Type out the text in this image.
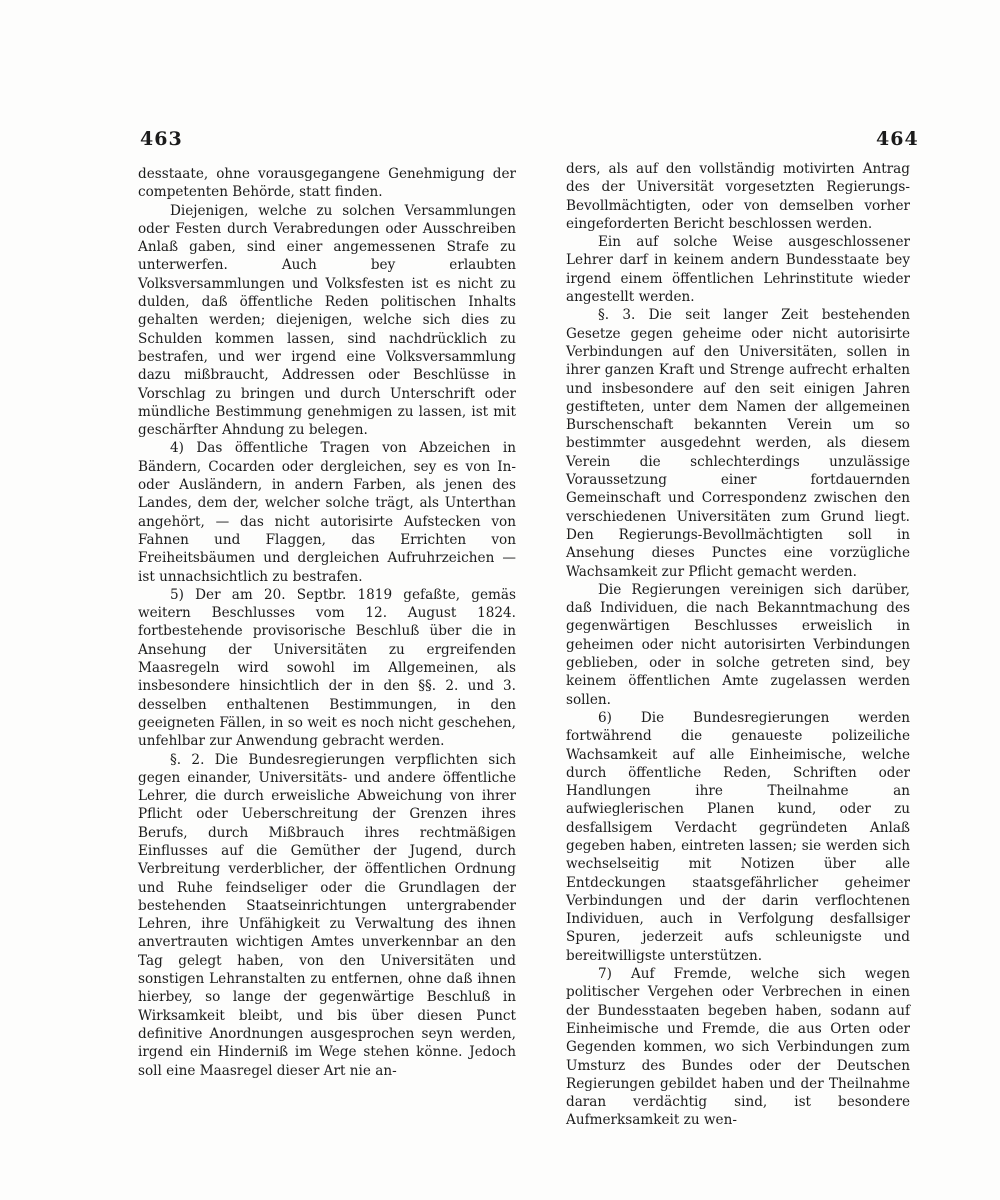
463	464

desstaate, ohne vorausgegangene Genehmigung der competenten Behörde, statt finden.

Diejenigen, welche zu solchen Versammlungen oder Festen durch Verabredungen oder Ausschreiben Anlaß gaben, sind einer angemessenen Strafe zu unterwerfen. Auch bey erlaubten Volksversammlungen und Volksfesten ist es nicht zu dulden, daß öffentliche Reden politischen Inhalts gehalten werden; diejenigen, welche sich dies zu Schulden kommen lassen, sind nachdrücklich zu bestrafen, und wer irgend eine Volksversammlung dazu mißbraucht, Addressen oder Beschlüsse in Vorschlag zu bringen und durch Unterschrift oder mündliche Bestimmung genehmigen zu lassen, ist mit geschärfter Ahndung zu belegen.

4) Das öffentliche Tragen von Abzeichen in Bändern, Cocarden oder dergleichen, sey es von In- oder Ausländern, in andern Farben, als jenen des Landes, dem der, welcher solche trägt, als Unterthan angehört, — das nicht autorisirte Aufstecken von Fahnen und Flaggen, das Errichten von Freiheitsbäumen und dergleichen Aufruhrzeichen — ist unnachsichtlich zu bestrafen.

5) Der am 20. Septbr. 1819 gefaßte, gemäs weitern Beschlusses vom 12. August 1824. fortbestehende provisorische Beschluß über die in Ansehung der Universitäten zu ergreifenden Maasregeln wird sowohl im Allgemeinen, als insbesondere hinsichtlich der in den §§. 2. und 3. desselben enthaltenen Bestimmungen, in den geeigneten Fällen, in so weit es noch nicht geschehen, unfehlbar zur Anwendung gebracht werden.

§. 2. Die Bundesregierungen verpflichten sich gegen einander, Universitäts- und andere öffentliche Lehrer, die durch erweisliche Abweichung von ihrer Pflicht oder Ueberschreitung der Grenzen ihres Berufs, durch Mißbrauch ihres rechtmäßigen Einflusses auf die Gemüther der Jugend, durch Verbreitung verderblicher, der öffentlichen Ordnung und Ruhe feindseliger oder die Grundlagen der bestehenden Staatseinrichtungen untergrabender Lehren, ihre Unfähigkeit zu Verwaltung des ihnen anvertrauten wichtigen Amtes unverkennbar an den Tag gelegt haben, von den Universitäten und sonstigen Lehranstalten zu entfernen, ohne daß ihnen hierbey, so lange der gegenwärtige Beschluß in Wirksamkeit bleibt, und bis über diesen Punct definitive Anordnungen ausgesprochen seyn werden, irgend ein Hinderniß im Wege stehen könne. Jedoch soll eine Maasregel dieser Art nie an-

ders, als auf den vollständig motivirten Antrag des der Universität vorgesetzten Regierungs-Bevollmächtigten, oder von demselben vorher eingeforderten Bericht beschlossen werden.

Ein auf solche Weise ausgeschlossener Lehrer darf in keinem andern Bundesstaate bey irgend einem öffentlichen Lehrinstitute wieder angestellt werden.

§. 3. Die seit langer Zeit bestehenden Gesetze gegen geheime oder nicht autorisirte Verbindungen auf den Universitäten, sollen in ihrer ganzen Kraft und Strenge aufrecht erhalten und insbesondere auf den seit einigen Jahren gestifteten, unter dem Namen der allgemeinen Burschenschaft bekannten Verein um so bestimmter ausgedehnt werden, als diesem Verein die schlechterdings unzulässige Voraussetzung einer fortdauernden Gemeinschaft und Correspondenz zwischen den verschiedenen Universitäten zum Grund liegt. Den Regierungs-Bevollmächtigten soll in Ansehung dieses Punctes eine vorzügliche Wachsamkeit zur Pflicht gemacht werden.

Die Regierungen vereinigen sich darüber, daß Individuen, die nach Bekanntmachung des gegenwärtigen Beschlusses erweislich in geheimen oder nicht autorisirten Verbindungen geblieben, oder in solche getreten sind, bey keinem öffentlichen Amte zugelassen werden sollen.

6) Die Bundesregierungen werden fortwährend die genaueste polizeiliche Wachsamkeit auf alle Einheimische, welche durch öffentliche Reden, Schriften oder Handlungen ihre Theilnahme an aufwieglerischen Planen kund, oder zu desfallsigem Verdacht gegründeten Anlaß gegeben haben, eintreten lassen; sie werden sich wechselseitig mit Notizen über alle Entdeckungen staatsgefährlicher geheimer Verbindungen und der darin verflochtenen Individuen, auch in Verfolgung desfallsiger Spuren, jederzeit aufs schleunigste und bereitwilligste unterstützen.

7) Auf Fremde, welche sich wegen politischer Vergehen oder Verbrechen in einen der Bundesstaaten begeben haben, sodann auf Einheimische und Fremde, die aus Orten oder Gegenden kommen, wo sich Verbindungen zum Umsturz des Bundes oder der Deutschen Regierungen gebildet haben und der Theilnahme daran verdächtig sind, ist besondere Aufmerksamkeit zu wen-
